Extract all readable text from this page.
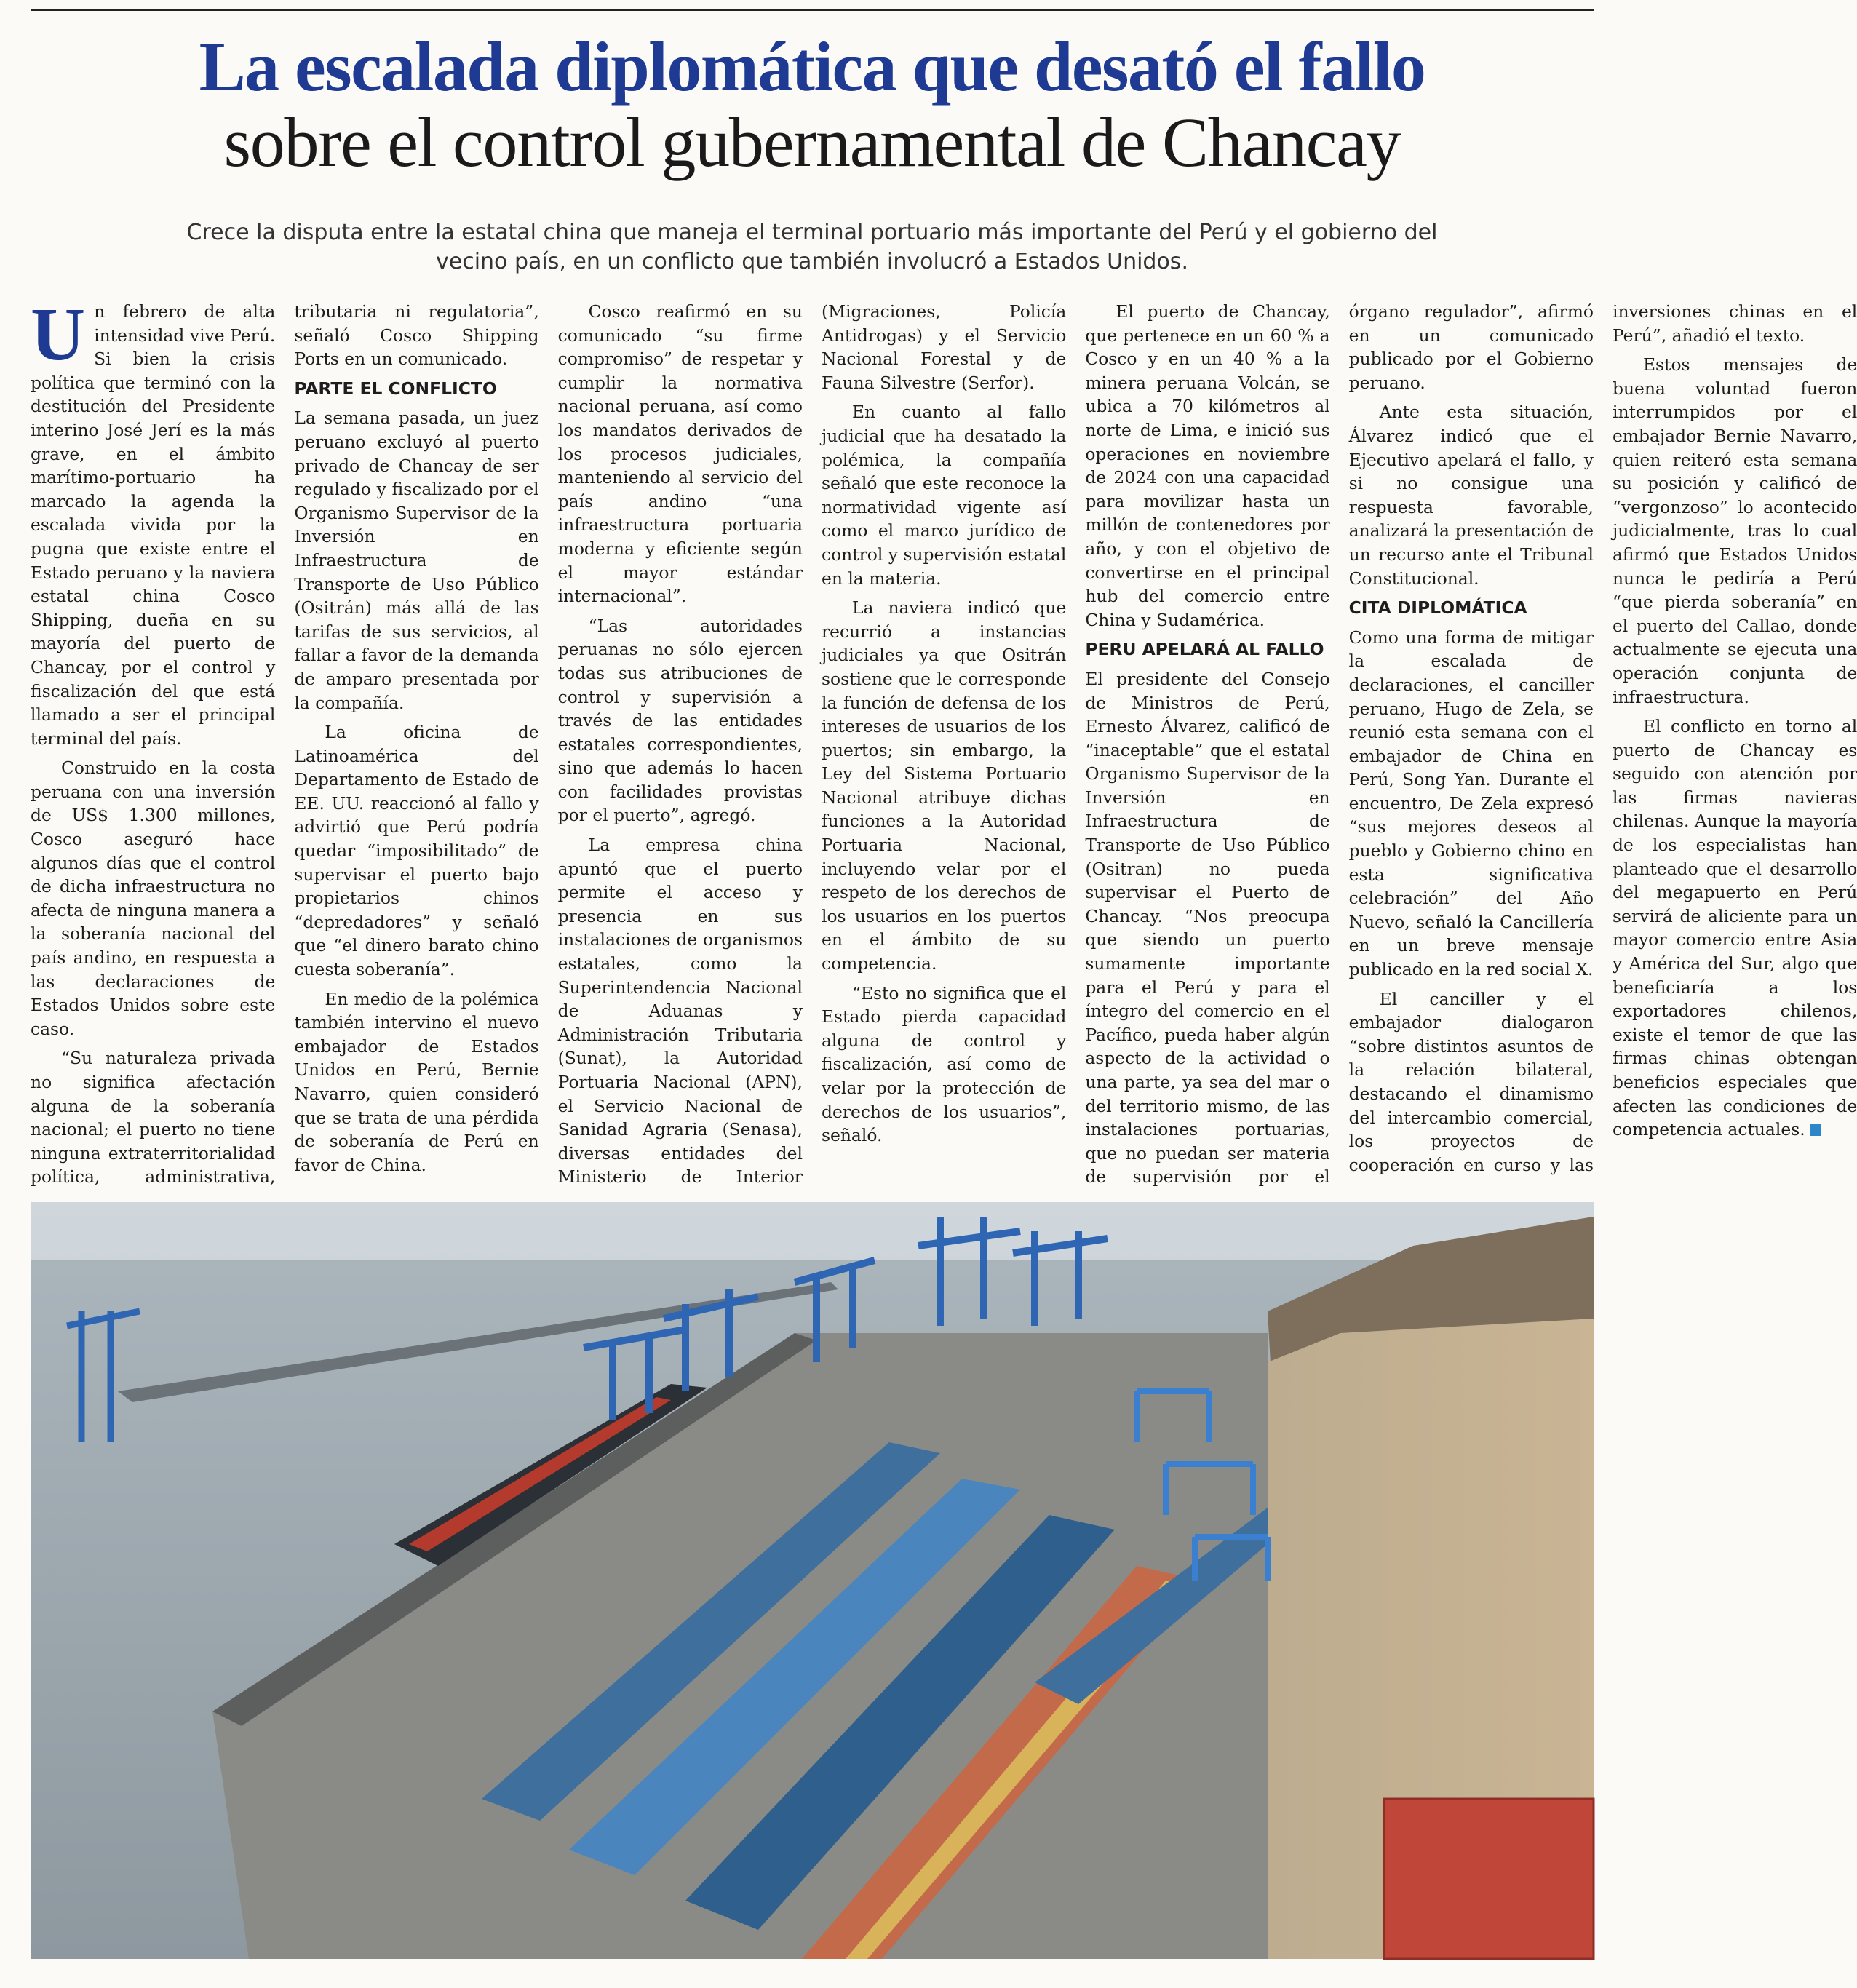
La escalada diplomática que desató el fallo
sobre el control gubernamental de Chancay
Crece la disputa entre la estatal china que maneja el terminal portuario más importante del Perú y el gobierno del vecino país, en un conflicto que también involucró a Estados Unidos.

Un febrero de alta intensidad vive Perú. Si bien la crisis política que terminó con la destitución del Presidente interino José Jerí es la más grave, en el ámbito marítimo-portuario ha marcado la agenda la escalada vivida por la pugna que existe entre el Estado peruano y la naviera estatal china Cosco Shipping, dueña en su mayoría del puerto de Chancay, por el control y fiscalización del que está llamado a ser el principal terminal del país.

Construido en la costa peruana con una inversión de US$ 1.300 millones, Cosco aseguró hace algunos días que el control de dicha infraestructura no afecta de ninguna manera a la soberanía nacional del país andino, en respuesta a las declaraciones de Estados Unidos sobre este caso.

“Su naturaleza privada no significa afectación alguna de la soberanía nacional; el puerto no tiene ninguna extraterritorialidad política, administrativa, tributaria ni regulatoria”, señaló Cosco Shipping Ports en un comunicado.

PARTE EL CONFLICTO

La semana pasada, un juez peruano excluyó al puerto privado de Chancay de ser regulado y fiscalizado por el Organismo Supervisor de la Inversión en Infraestructura de Transporte de Uso Público (Ositrán) más allá de las tarifas de sus servicios, al fallar a favor de la demanda de amparo presentada por la compañía.

La oficina de Latinoamérica del Departamento de Estado de EE. UU. reaccionó al fallo y advirtió que Perú podría quedar “imposibilitado” de supervisar el puerto bajo propietarios chinos “depredadores” y señaló que “el dinero barato chino cuesta soberanía”.

En medio de la polémica también intervino el nuevo embajador de Estados Unidos en Perú, Bernie Navarro, quien consideró que se trata de una pérdida de soberanía de Perú en favor de China.

Cosco reafirmó en su comunicado “su firme compromiso” de respetar y cumplir la normativa nacional peruana, así como los mandatos derivados de los procesos judiciales, manteniendo al servicio del país andino “una infraestructura portuaria moderna y eficiente según el mayor estándar internacional”.

“Las autoridades peruanas no sólo ejercen todas sus atribuciones de control y supervisión a través de las entidades estatales correspondientes, sino que además lo hacen con facilidades provistas por el puerto”, agregó.

La empresa china apuntó que el puerto permite el acceso y presencia en sus instalaciones de organismos estatales, como la Superintendencia Nacional de Aduanas y Administración Tributaria (Sunat), la Autoridad Portuaria Nacional (APN), el Servicio Nacional de Sanidad Agraria (Senasa), diversas entidades del Ministerio de Interior (Migraciones, Policía Antidrogas) y el Servicio Nacional Forestal y de Fauna Silvestre (Serfor).

En cuanto al fallo judicial que ha desatado la polémica, la compañía señaló que este reconoce la normatividad vigente así como el marco jurídico de control y supervisión estatal en la materia.

La naviera indicó que recurrió a instancias judiciales ya que Ositrán sostiene que le corresponde la función de defensa de los intereses de usuarios de los puertos; sin embargo, la Ley del Sistema Portuario Nacional atribuye dichas funciones a la Autoridad Portuaria Nacional, incluyendo velar por el respeto de los derechos de los usuarios en los puertos en el ámbito de su competencia.

“Esto no significa que el Estado pierda capacidad alguna de control y fiscalización, así como de velar por la protección de derechos de los usuarios”, señaló.

El puerto de Chancay, que pertenece en un 60 % a Cosco y en un 40 % a la minera peruana Volcán, se ubica a 70 kilómetros al norte de Lima, e inició sus operaciones en noviembre de 2024 con una capacidad para movilizar hasta un millón de contenedores por año, y con el objetivo de convertirse en el principal hub del comercio entre China y Sudamérica.

PERU APELARÁ AL FALLO

El presidente del Consejo de Ministros de Perú, Ernesto Álvarez, calificó de “inaceptable” que el estatal Organismo Supervisor de la Inversión en Infraestructura de Transporte de Uso Público (Ositran) no pueda supervisar el Puerto de Chancay. “Nos preocupa que siendo un puerto sumamente importante para el Perú y para el íntegro del comercio en el Pacífico, pueda haber algún aspecto de la actividad o una parte, ya sea del mar o del territorio mismo, de las instalaciones portuarias, que no puedan ser materia de supervisión por el órgano regulador”, afirmó en un comunicado publicado por el Gobierno peruano.

Ante esta situación, Álvarez indicó que el Ejecutivo apelará el fallo, y si no consigue una respuesta favorable, analizará la presentación de un recurso ante el Tribunal Constitucional.

CITA DIPLOMÁTICA

Como una forma de mitigar la escalada de declaraciones, el canciller peruano, Hugo de Zela, se reunió esta semana con el embajador de China en Perú, Song Yan. Durante el encuentro, De Zela expresó “sus mejores deseos al pueblo y Gobierno chino en esta significativa celebración” del Año Nuevo, señaló la Cancillería en un breve mensaje publicado en la red social X.

El canciller y el embajador dialogaron “sobre distintos asuntos de la relación bilateral, destacando el dinamismo del intercambio comercial, los proyectos de cooperación en curso y las inversiones chinas en el Perú”, añadió el texto.

Estos mensajes de buena voluntad fueron interrumpidos por el embajador Bernie Navarro, quien reiteró esta semana su posición y calificó de “vergonzoso” lo acontecido judicialmente, tras lo cual afirmó que Estados Unidos nunca le pediría a Perú “que pierda soberanía” en el puerto del Callao, donde actualmente se ejecuta una operación conjunta de infraestructura.

El conflicto en torno al puerto de Chancay es seguido con atención por las firmas navieras chilenas. Aunque la mayoría de los especialistas han planteado que el desarrollo del megapuerto en Perú servirá de aliciente para un mayor comercio entre Asia y América del Sur, algo que beneficiaría a los exportadores chilenos, existe el temor de que las firmas chinas obtengan beneficios especiales que afecten las condiciones de competencia actuales.
